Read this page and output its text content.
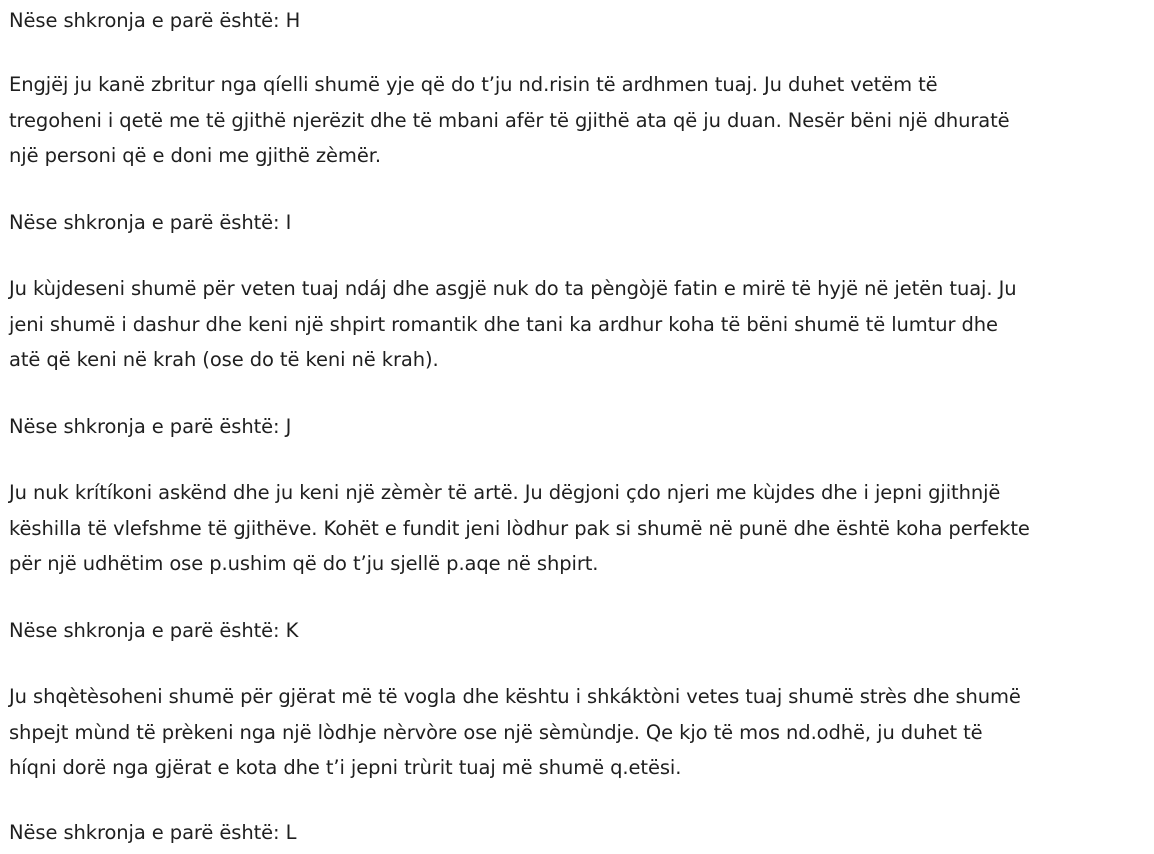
Nëse shkronja e parë është: H

Engjëj ju kanë zbritur nga qíelli shumë yje që do t’ju nd.risin të ardhmen tuaj. Ju duhet vetëm të
tregoheni i qetë me të gjithë njerëzit dhe të mbani afër të gjithë ata që ju duan. Nesër bëni një dhuratë
një personi që e doni me gjithë zèmër.

Nëse shkronja e parë është: I

Ju kùjdeseni shumë për veten tuaj ndáj dhe asgjë nuk do ta pèngòjë fatin e mirë të hyjë në jetën tuaj. Ju
jeni shumë i dashur dhe keni një shpirt romantik dhe tani ka ardhur koha të bëni shumë të lumtur dhe
atë që keni në krah (ose do të keni në krah).

Nëse shkronja e parë është: J

Ju nuk krítíkoni askënd dhe ju keni një zèmèr të artë. Ju dëgjoni çdo njeri me kùjdes dhe i jepni gjithnjë
këshilla të vlefshme të gjithëve. Kohët e fundit jeni lòdhur pak si shumë në punë dhe është koha perfekte
për një udhëtim ose p.ushim që do t’ju sjellë p.aqe në shpirt.

Nëse shkronja e parë është: K

Ju shqètèsoheni shumë për gjërat më të vogla dhe kështu i shkáktòni vetes tuaj shumë strès dhe shumë
shpejt mùnd të prèkeni nga një lòdhje nèrvòre ose një sèmùndje. Qe kjo të mos nd.odhë, ju duhet të
híqni dorë nga gjërat e kota dhe t’i jepni trùrit tuaj më shumë q.etësi.

Nëse shkronja e parë është: L
